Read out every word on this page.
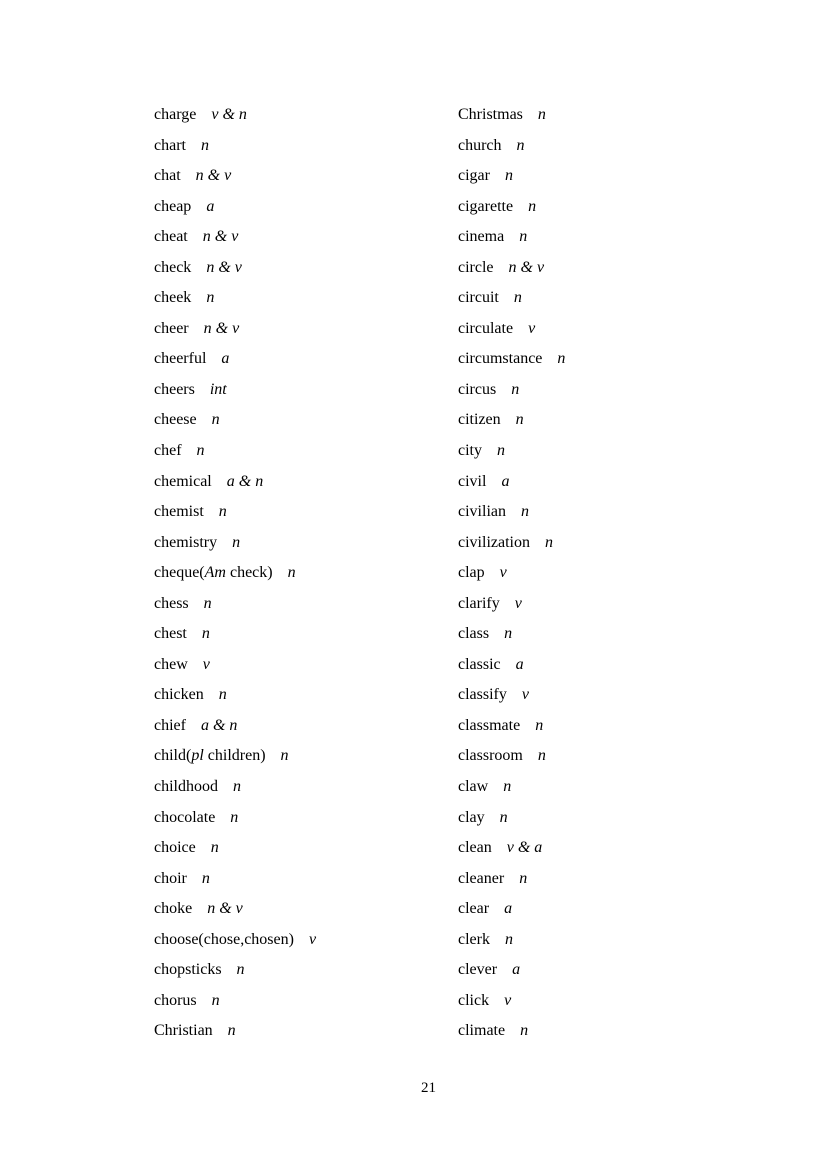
charge v & n
chart n
chat n & v
cheap a
cheat n & v
check n & v
cheek n
cheer n & v
cheerful a
cheers int
cheese n
chef n
chemical a & n
chemist n
chemistry n
cheque(Am check) n
chess n
chest n
chew v
chicken n
chief a & n
child(pl children) n
childhood n
chocolate n
choice n
choir n
choke n & v
choose(chose,chosen) v
chopsticks n
chorus n
Christian n
Christmas n
church n
cigar n
cigarette n
cinema n
circle n & v
circuit n
circulate v
circumstance n
circus n
citizen n
city n
civil a
civilian n
civilization n
clap v
clarify v
class n
classic a
classify v
classmate n
classroom n
claw n
clay n
clean v & a
cleaner n
clear a
clerk n
clever a
click v
climate n
21
